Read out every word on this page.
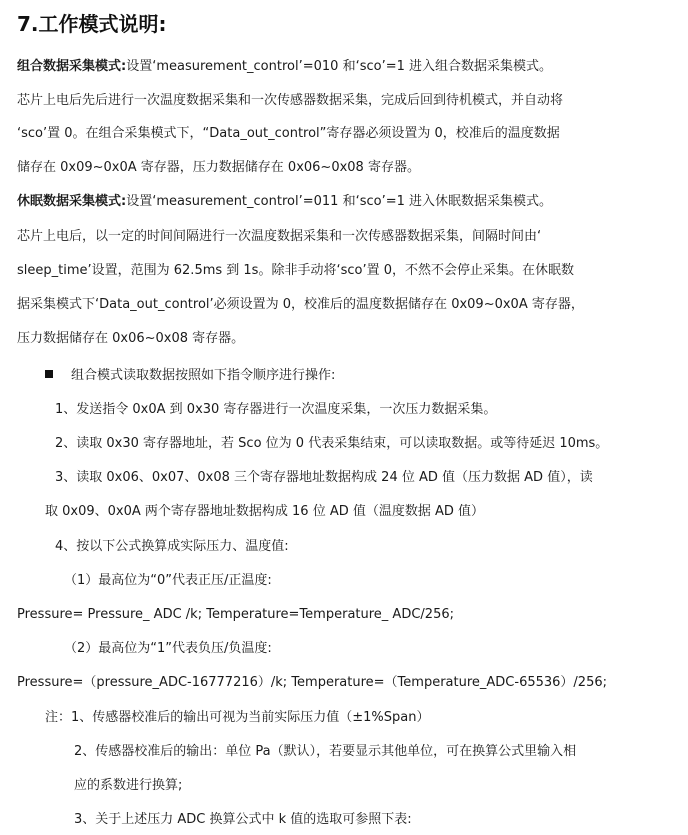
7.工作模式说明:
组合数据采集模式:设置‘measurement_control’=010 和‘sco’=1 进入组合数据采集模式。
芯片上电后先后进行一次温度数据采集和一次传感器数据采集，完成后回到待机模式，并自动将
‘sco’置 0。在组合采集模式下，“Data_out_control”寄存器必须设置为 0，校准后的温度数据
储存在 0x09~0x0A 寄存器，压力数据储存在 0x06~0x08 寄存器。
休眠数据采集模式:设置‘measurement_control’=011 和‘sco’=1 进入休眠数据采集模式。
芯片上电后，以一定的时间间隔进行一次温度数据采集和一次传感器数据采集，间隔时间由‘
sleep_time’设置，范围为 62.5ms 到 1s。除非手动将‘sco’置 0，不然不会停止采集。在休眠数
据采集模式下‘Data_out_control’必须设置为 0，校准后的温度数据储存在 0x09~0x0A 寄存器，
压力数据储存在 0x06~0x08 寄存器。
组合模式读取数据按照如下指令顺序进行操作:
1、发送指令 0x0A 到 0x30 寄存器进行一次温度采集，一次压力数据采集。
2、读取 0x30 寄存器地址，若 Sco 位为 0 代表采集结束，可以读取数据。或等待延迟 10ms。
3、读取 0x06、0x07、0x08 三个寄存器地址数据构成 24 位 AD 值（压力数据 AD 值），读
取 0x09、0x0A 两个寄存器地址数据构成 16 位 AD 值（温度数据 AD 值）
4、按以下公式换算成实际压力、温度值:
（1）最高位为“0”代表正压/正温度:
Pressure= Pressure_ ADC /k; Temperature=Temperature_ ADC/256;
（2）最高位为“1”代表负压/负温度:
Pressure=（pressure_ADC-16777216）/k; Temperature=（Temperature_ADC-65536）/256;
注：1、传感器校准后的输出可视为当前实际压力值（±1%Span）
2、传感器校准后的输出：单位 Pa（默认），若要显示其他单位，可在换算公式里输入相
应的系数进行换算;
3、关于上述压力 ADC 换算公式中 k 值的选取可参照下表:
